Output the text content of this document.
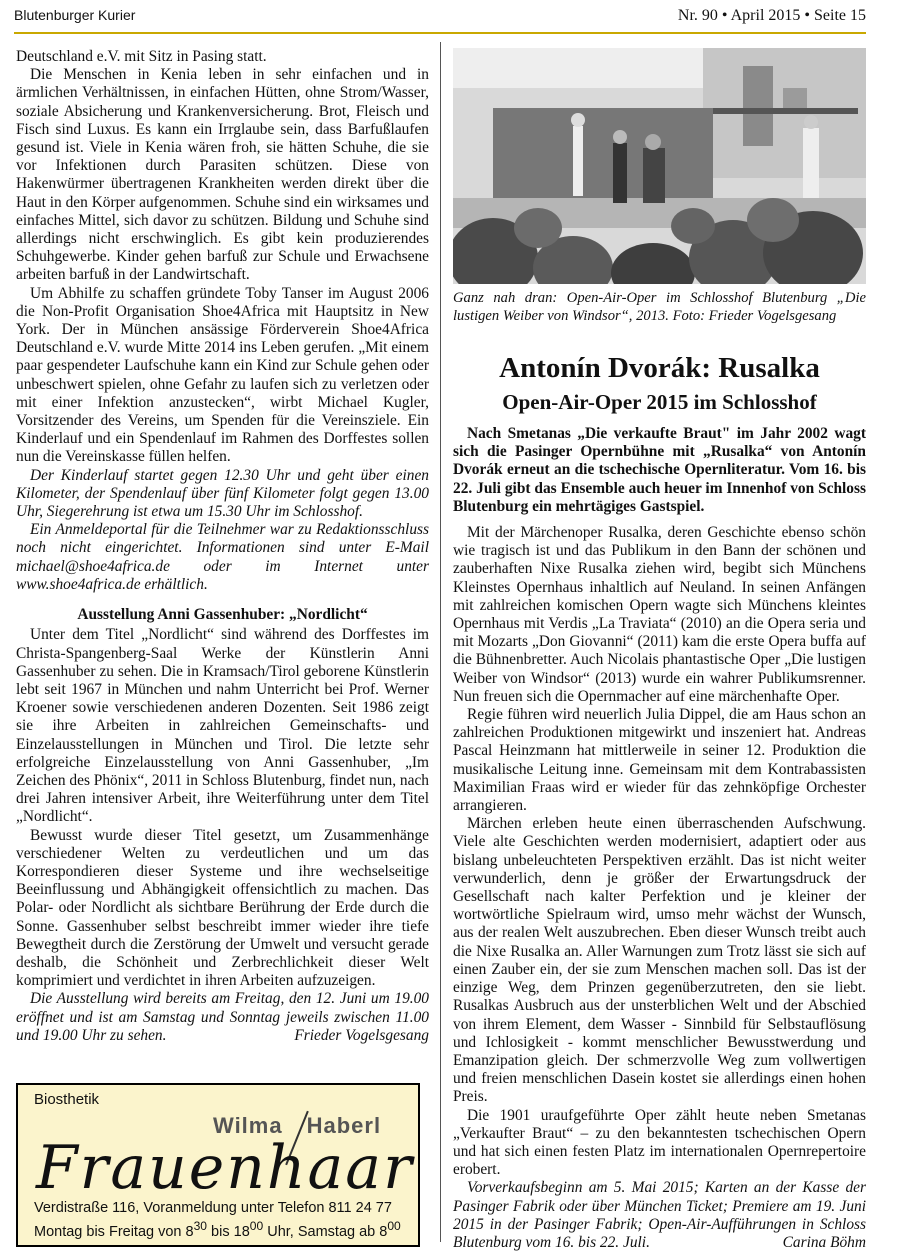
Blutenburger Kurier	Nr. 90 • April 2015 • Seite 15

Deutschland e.V. mit Sitz in Pasing statt.

Die Menschen in Kenia leben in sehr einfachen und in ärmlichen Verhältnissen, in einfachen Hütten, ohne Strom/Wasser, soziale Absicherung und Krankenversicherung. Brot, Fleisch und Fisch sind Luxus. Es kann ein Irrglaube sein, dass Barfußlaufen gesund ist. Viele in Kenia wären froh, sie hätten Schuhe, die sie vor Infektionen durch Parasiten schützen. Diese von Hakenwürmer übertragenen Krankheiten werden direkt über die Haut in den Körper aufgenommen. Schuhe sind ein wirksames und einfaches Mittel, sich davor zu schützen. Bildung und Schuhe sind allerdings nicht erschwinglich. Es gibt kein produzierendes Schuhgewerbe. Kinder gehen barfuß zur Schule und Erwachsene arbeiten barfuß in der Landwirtschaft.

Um Abhilfe zu schaffen gründete Toby Tanser im August 2006 die Non-Profit Organisation Shoe4Africa mit Hauptsitz in New York. Der in München ansässige Förderverein Shoe4Africa Deutschland e.V. wurde Mitte 2014 ins Leben gerufen. „Mit einem paar gespendeter Laufschuhe kann ein Kind zur Schule gehen oder unbeschwert spielen, ohne Gefahr zu laufen sich zu verletzen oder mit einer Infektion anzustecken“, wirbt Michael Kugler, Vorsitzender des Vereins, um Spenden für die Vereinsziele. Ein Kinderlauf und ein Spendenlauf im Rahmen des Dorffestes sollen nun die Vereinskasse füllen helfen.

Der Kinderlauf startet gegen 12.30 Uhr und geht über einen Kilometer, der Spendenlauf über fünf Kilometer folgt gegen 13.00 Uhr, Siegerehrung ist etwa um 15.30 Uhr im Schlosshof.

Ein Anmeldeportal für die Teilnehmer war zu Redaktionsschluss noch nicht eingerichtet. Informationen sind unter E-Mail michael@shoe4africa.de oder im Internet unter www.shoe4africa.de erhältlich.

Ausstellung Anni Gassenhuber: „Nordlicht“

Unter dem Titel „Nordlicht“ sind während des Dorffestes im Christa-Spangenberg-Saal Werke der Künstlerin Anni Gassenhuber zu sehen. Die in Kramsach/Tirol geborene Künstlerin lebt seit 1967 in München und nahm Unterricht bei Prof. Werner Kroener sowie verschiedenen anderen Dozenten. Seit 1986 zeigt sie ihre Arbeiten in zahlreichen Gemeinschafts- und Einzelausstellungen in München und Tirol. Die letzte sehr erfolgreiche Einzelausstellung von Anni Gassenhuber, „Im Zeichen des Phönix“, 2011 in Schloss Blutenburg, findet nun, nach drei Jahren intensiver Arbeit, ihre Weiterführung unter dem Titel „Nordlicht“.

Bewusst wurde dieser Titel gesetzt, um Zusammenhänge verschiedener Welten zu verdeutlichen und um das Korrespondieren dieser Systeme und ihre wechselseitige Beeinflussung und Abhängigkeit offensichtlich zu machen. Das Polar- oder Nordlicht als sichtbare Berührung der Erde durch die Sonne. Gassenhuber selbst beschreibt immer wieder ihre tiefe Bewegtheit durch die Zerstörung der Umwelt und versucht gerade deshalb, die Schönheit und Zerbrechlichkeit dieser Welt komprimiert und verdichtet in ihren Arbeiten aufzuzeigen.

Die Ausstellung wird bereits am Freitag, den 12. Juni um 19.00 eröffnet und ist am Samstag und Sonntag jeweils zwischen 11.00 und 19.00 Uhr zu sehen.	Frieder Vogelsgesang

Biosthetik
Wilma Haberl
Frauenhaar
Verdistraße 116, Voranmeldung unter Telefon 811 24 77
Montag bis Freitag von $8^{30}$ bis $18^{00}$ Uhr, Samstag ab $8^{00}$
Ganz nah dran: Open-Air-Oper im Schlosshof Blutenburg „Die lustigen Weiber von Windsor“, 2013. Foto: Frieder Vogelsgesang
Antonín Dvorák: Rusalka
Open-Air-Oper 2015 im Schlosshof

Nach Smetanas „Die verkaufte Braut" im Jahr 2002 wagt sich die Pasinger Opernbühne mit „Rusalka“ von Antonín Dvorák erneut an die tschechische Opernliteratur. Vom 16. bis 22. Juli gibt das Ensemble auch heuer im Innenhof von Schloss Blutenburg ein mehrtägiges Gastspiel.

Mit der Märchenoper Rusalka, deren Geschichte ebenso schön wie tragisch ist und das Publikum in den Bann der schönen und zauberhaften Nixe Rusalka ziehen wird, begibt sich Münchens Kleinstes Opernhaus inhaltlich auf Neuland. In seinen Anfängen mit zahlreichen komischen Opern wagte sich Münchens kleintes Opernhaus mit Verdis „La Traviata“ (2010) an die Opera seria und mit Mozarts „Don Giovanni“ (2011) kam die erste Opera buffa auf die Bühnenbretter. Auch Nicolais phantastische Oper „Die lustigen Weiber von Windsor“ (2013) wurde ein wahrer Publikumsrenner. Nun freuen sich die Opernmacher auf eine märchenhafte Oper.

Regie führen wird neuerlich Julia Dippel, die am Haus schon an zahlreichen Produktionen mitgewirkt und inszeniert hat. Andreas Pascal Heinzmann hat mittlerweile in seiner 12. Produktion die musikalische Leitung inne. Gemeinsam mit dem Kontrabassisten Maximilian Fraas wird er wieder für das zehnköpfige Orchester arrangieren.

Märchen erleben heute einen überraschenden Aufschwung. Viele alte Geschichten werden modernisiert, adaptiert oder aus bislang unbeleuchteten Perspektiven erzählt. Das ist nicht weiter verwunderlich, denn je größer der Erwartungsdruck der Gesellschaft nach kalter Perfektion und je kleiner der wortwörtliche Spielraum wird, umso mehr wächst der Wunsch, aus der realen Welt auszubrechen. Eben dieser Wunsch treibt auch die Nixe Rusalka an. Aller Warnungen zum Trotz lässt sie sich auf einen Zauber ein, der sie zum Menschen machen soll. Das ist der einzige Weg, dem Prinzen gegenüberzutreten, den sie liebt. Rusalkas Ausbruch aus der unsterblichen Welt und der Abschied von ihrem Element, dem Wasser - Sinnbild für Selbstauflösung und Ichlosigkeit - kommt menschlicher Bewusstwerdung und Emanzipation gleich. Der schmerzvolle Weg zum vollwertigen und freien menschlichen Dasein kostet sie allerdings einen hohen Preis.

Die 1901 uraufgeführte Oper zählt heute neben Smetanas „Verkaufter Braut“ – zu den bekanntesten tschechischen Opern und hat sich einen festen Platz im internationalen Opernrepertoire erobert.

Vorverkaufsbeginn am 5. Mai 2015; Karten an der Kasse der Pasinger Fabrik oder über München Ticket; Premiere am 19. Juni 2015 in der Pasinger Fabrik; Open-Air-Aufführungen in Schloss Blutenburg vom 16. bis 22. Juli.	Carina Böhm
